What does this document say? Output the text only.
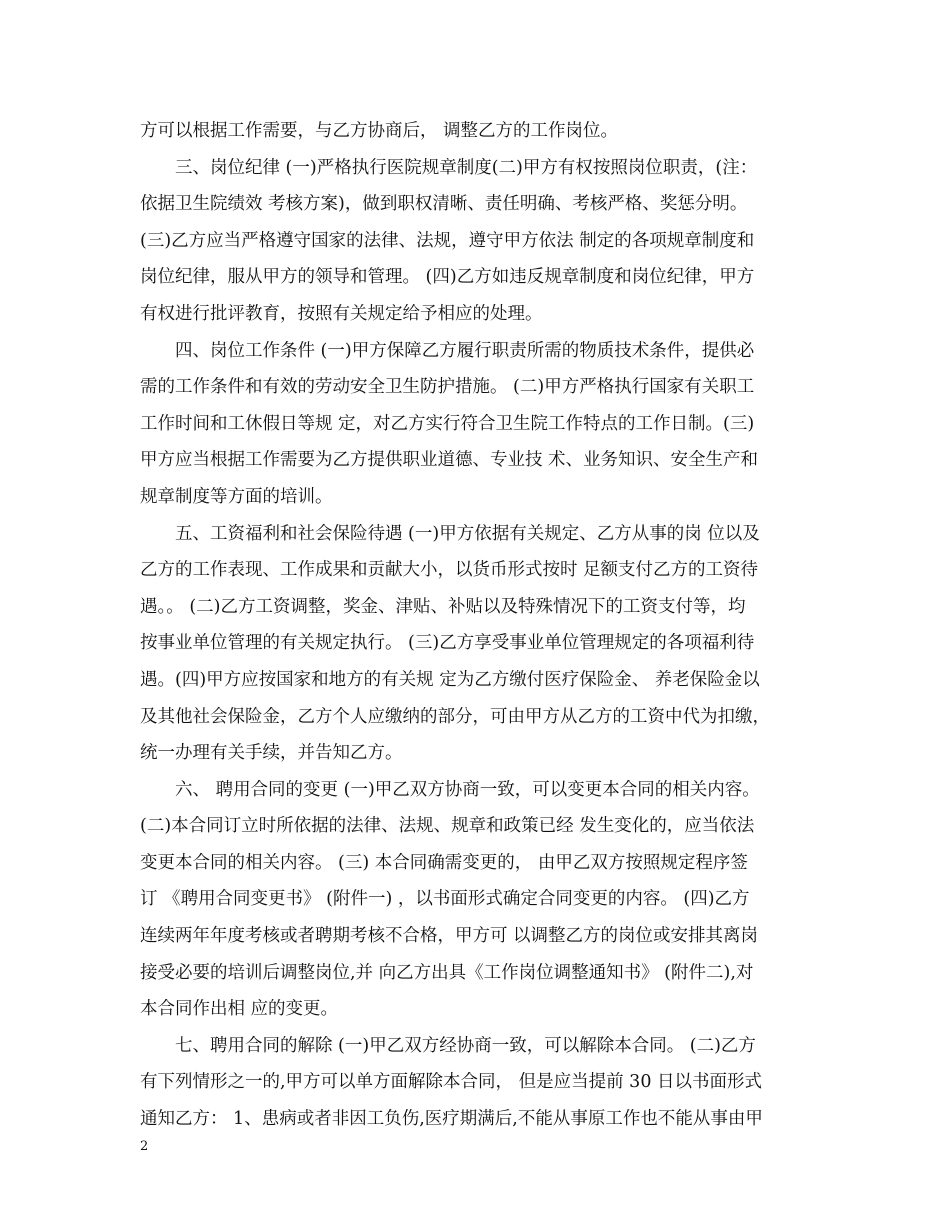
方可以根据工作需要，与乙方协商后， 调整乙方的工作岗位。
三、岗位纪律 (一)严格执行医院规章制度(二)甲方有权按照岗位职责，(注：
依据卫生院绩效 考核方案)，做到职权清晰、责任明确、考核严格、奖惩分明。
(三)乙方应当严格遵守国家的法律、法规，遵守甲方依法 制定的各项规章制度和
岗位纪律，服从甲方的领导和管理。 (四)乙方如违反规章制度和岗位纪律，甲方
有权进行批评教育，按照有关规定给予相应的处理。
四、岗位工作条件 (一)甲方保障乙方履行职责所需的物质技术条件，提供必
需的工作条件和有效的劳动安全卫生防护措施。 (二)甲方严格执行国家有关职工
工作时间和工休假日等规 定，对乙方实行符合卫生院工作特点的工作日制。(三)
甲方应当根据工作需要为乙方提供职业道德、专业技 术、业务知识、安全生产和
规章制度等方面的培训。
五、工资福利和社会保险待遇 (一)甲方依据有关规定、乙方从事的岗 位以及
乙方的工作表现、工作成果和贡献大小，以货币形式按时 足额支付乙方的工资待
遇。。 (二)乙方工资调整，奖金、津贴、补贴以及特殊情况下的工资支付等，均
按事业单位管理的有关规定执行。 (三)乙方享受事业单位管理规定的各项福利待
遇。(四)甲方应按国家和地方的有关规 定为乙方缴付医疗保险金、 养老保险金以
及其他社会保险金，乙方个人应缴纳的部分，可由甲方从乙方的工资中代为扣缴，
统一办理有关手续，并告知乙方。
六、 聘用合同的变更 (一)甲乙双方协商一致，可以变更本合同的相关内容。
(二)本合同订立时所依据的法律、法规、规章和政策已经 发生变化的，应当依法
变更本合同的相关内容。 (三) 本合同确需变更的， 由甲乙双方按照规定程序签
订 《聘用合同变更书》 (附件一) ，以书面形式确定合同变更的内容。 (四)乙方
连续两年年度考核或者聘期考核不合格，甲方可 以调整乙方的岗位或安排其离岗
接受必要的培训后调整岗位,并 向乙方出具《工作岗位调整通知书》 (附件二),对
本合同作出相 应的变更。
七、聘用合同的解除 (一)甲乙双方经协商一致，可以解除本合同。 (二)乙方
有下列情形之一的,甲方可以单方面解除本合同， 但是应当提前 30 日以书面形式
通知乙方： 1、患病或者非因工负伤,医疗期满后,不能从事原工作也不能从事由甲
2
